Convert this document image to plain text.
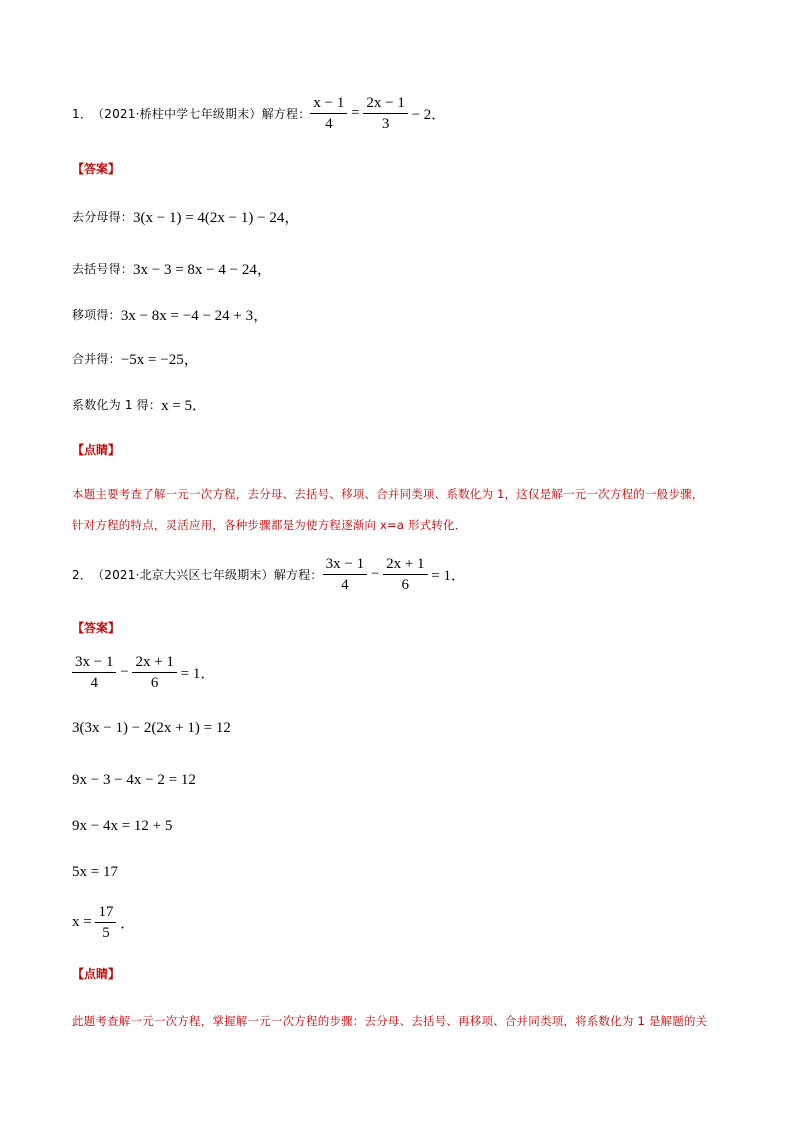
1． （2021·桥柱中学七年级期末） 解方程： $\frac{x - 1}{4} = \frac{2x - 1}{3} - 2$．
【答案】
去分母得： 3(x − 1) = 4(2x − 1) − 24，
去括号得： 3x − 3 = 8x − 4 − 24，
移项得： 3x − 8x = −4 − 24 + 3，
合并得： −5x = −25，
系数化为 1 得： x = 5．
【点睛】
本题主要考查了解一元一次方程，去分母、去括号、移项、合并同类项、系数化为 1，这仅是解一元一次方程的一般步骤，
针对方程的特点，灵活应用，各种步骤都是为使方程逐渐向 x=a 形式转化．
2． （2021·北京大兴区七年级期末） 解方程： $\frac{3x - 1}{4} - \frac{2x + 1}{6} = 1$．
【答案】
$\frac{3x - 1}{4} - \frac{2x + 1}{6} = 1$．
3(3x − 1) − 2(2x + 1) = 12
9x − 3 − 4x − 2 = 12
9x − 4x = 12 + 5
5x = 17
$x = \frac{17}{5}$ ．
【点睛】
此题考查解一元一次方程，掌握解一元一次方程的步骤：去分母、去括号、再移项、合并同类项，将系数化为 1 是解题的关
